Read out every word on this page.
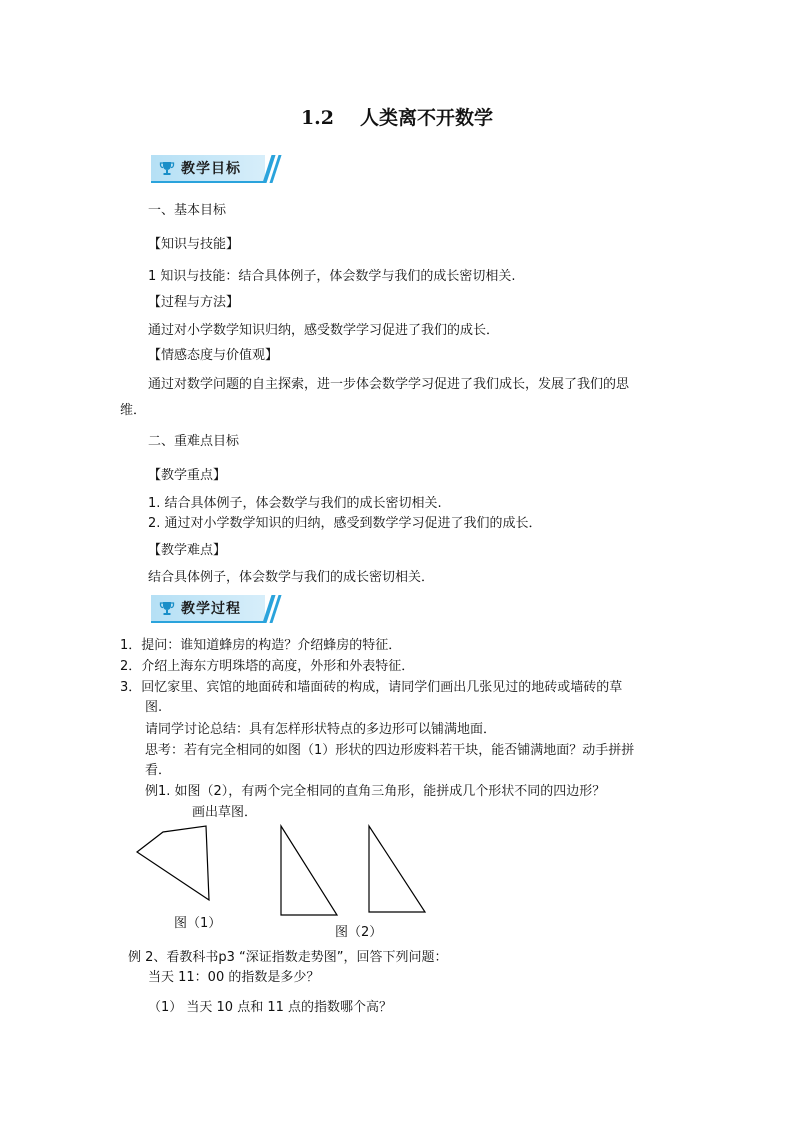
1.2 人类离不开数学
教学目标
一、基本目标
【知识与技能】
1 知识与技能：结合具体例子，体会数学与我们的成长密切相关.
【过程与方法】
通过对小学数学知识归纳，感受数学学习促进了我们的成长．
【情感态度与价值观】
通过对数学问题的自主探索，进一步体会数学学习促进了我们成长，发展了我们的思
维．
二、重难点目标
【教学重点】
1. 结合具体例子，体会数学与我们的成长密切相关.
2. 通过对小学数学知识的归纳，感受到数学学习促进了我们的成长．
【教学难点】
结合具体例子，体会数学与我们的成长密切相关．
教学过程
1．提问：谁知道蜂房的构造？介绍蜂房的特征．
2．介绍上海东方明珠塔的高度，外形和外表特征．
3．回忆家里、宾馆的地面砖和墙面砖的构成，请同学们画出几张见过的地砖或墙砖的草
图.
请同学讨论总结：具有怎样形状特点的多边形可以铺满地面．
思考：若有完全相同的如图（1）形状的四边形废料若干块，能否铺满地面？动手拼拼
看．
例1. 如图（2），有两个完全相同的直角三角形，能拼成几个形状不同的四边形？
画出草图．
图（1）
图（2）
例 2、看教科书p3 “深证指数走势图”，回答下列问题：
当天 11：00 的指数是多少？
（1） 当天 10 点和 11 点的指数哪个高？
